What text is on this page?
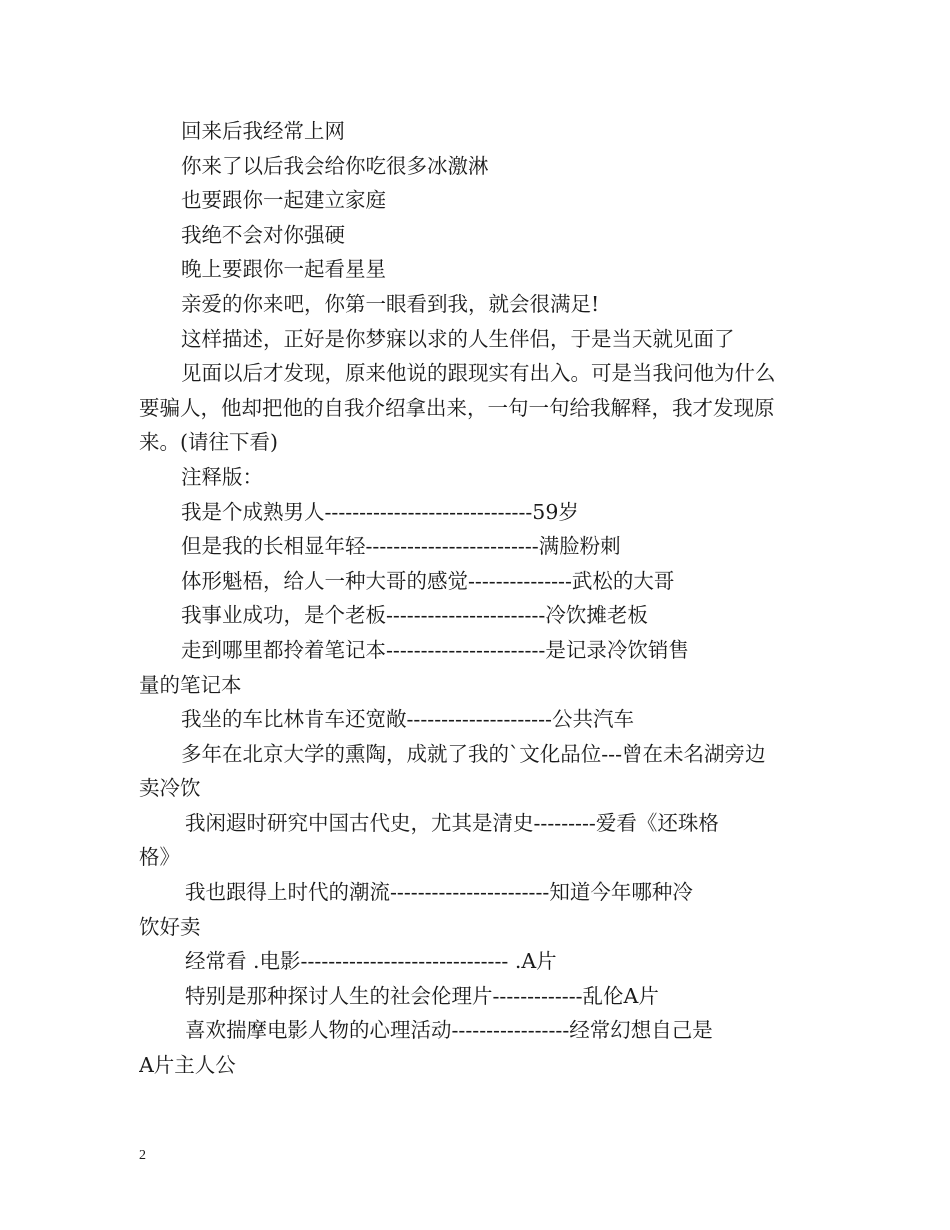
回来后我经常上网
你来了以后我会给你吃很多冰激淋
也要跟你一起建立家庭
我绝不会对你强硬
晚上要跟你一起看星星
亲爱的你来吧，你第一眼看到我，就会很满足!
这样描述，正好是你梦寐以求的人生伴侣，于是当天就见面了
见面以后才发现，原来他说的跟现实有出入。可是当我问他为什么
要骗人，他却把他的自我介绍拿出来，一句一句给我解释，我才发现原
来。(请往下看)
注释版：
我是个成熟男人------------------------------59岁
但是我的长相显年轻-------------------------满脸粉刺
体形魁梧，给人一种大哥的感觉---------------武松的大哥
我事业成功，是个老板-----------------------冷饮摊老板
走到哪里都拎着笔记本-----------------------是记录冷饮销售
量的笔记本
我坐的车比林肯车还宽敞---------------------公共汽车
多年在北京大学的熏陶，成就了我的`文化品位---曾在未名湖旁边
卖冷饮
我闲遐时研究中国古代史，尤其是清史---------爱看《还珠格
格》
我也跟得上时代的潮流-----------------------知道今年哪种冷
饮好卖
经常看 .电影------------------------------ .A片
特别是那种探讨人生的社会伦理片-------------乱伦A片
喜欢揣摩电影人物的心理活动-----------------经常幻想自己是
A片主人公
2
